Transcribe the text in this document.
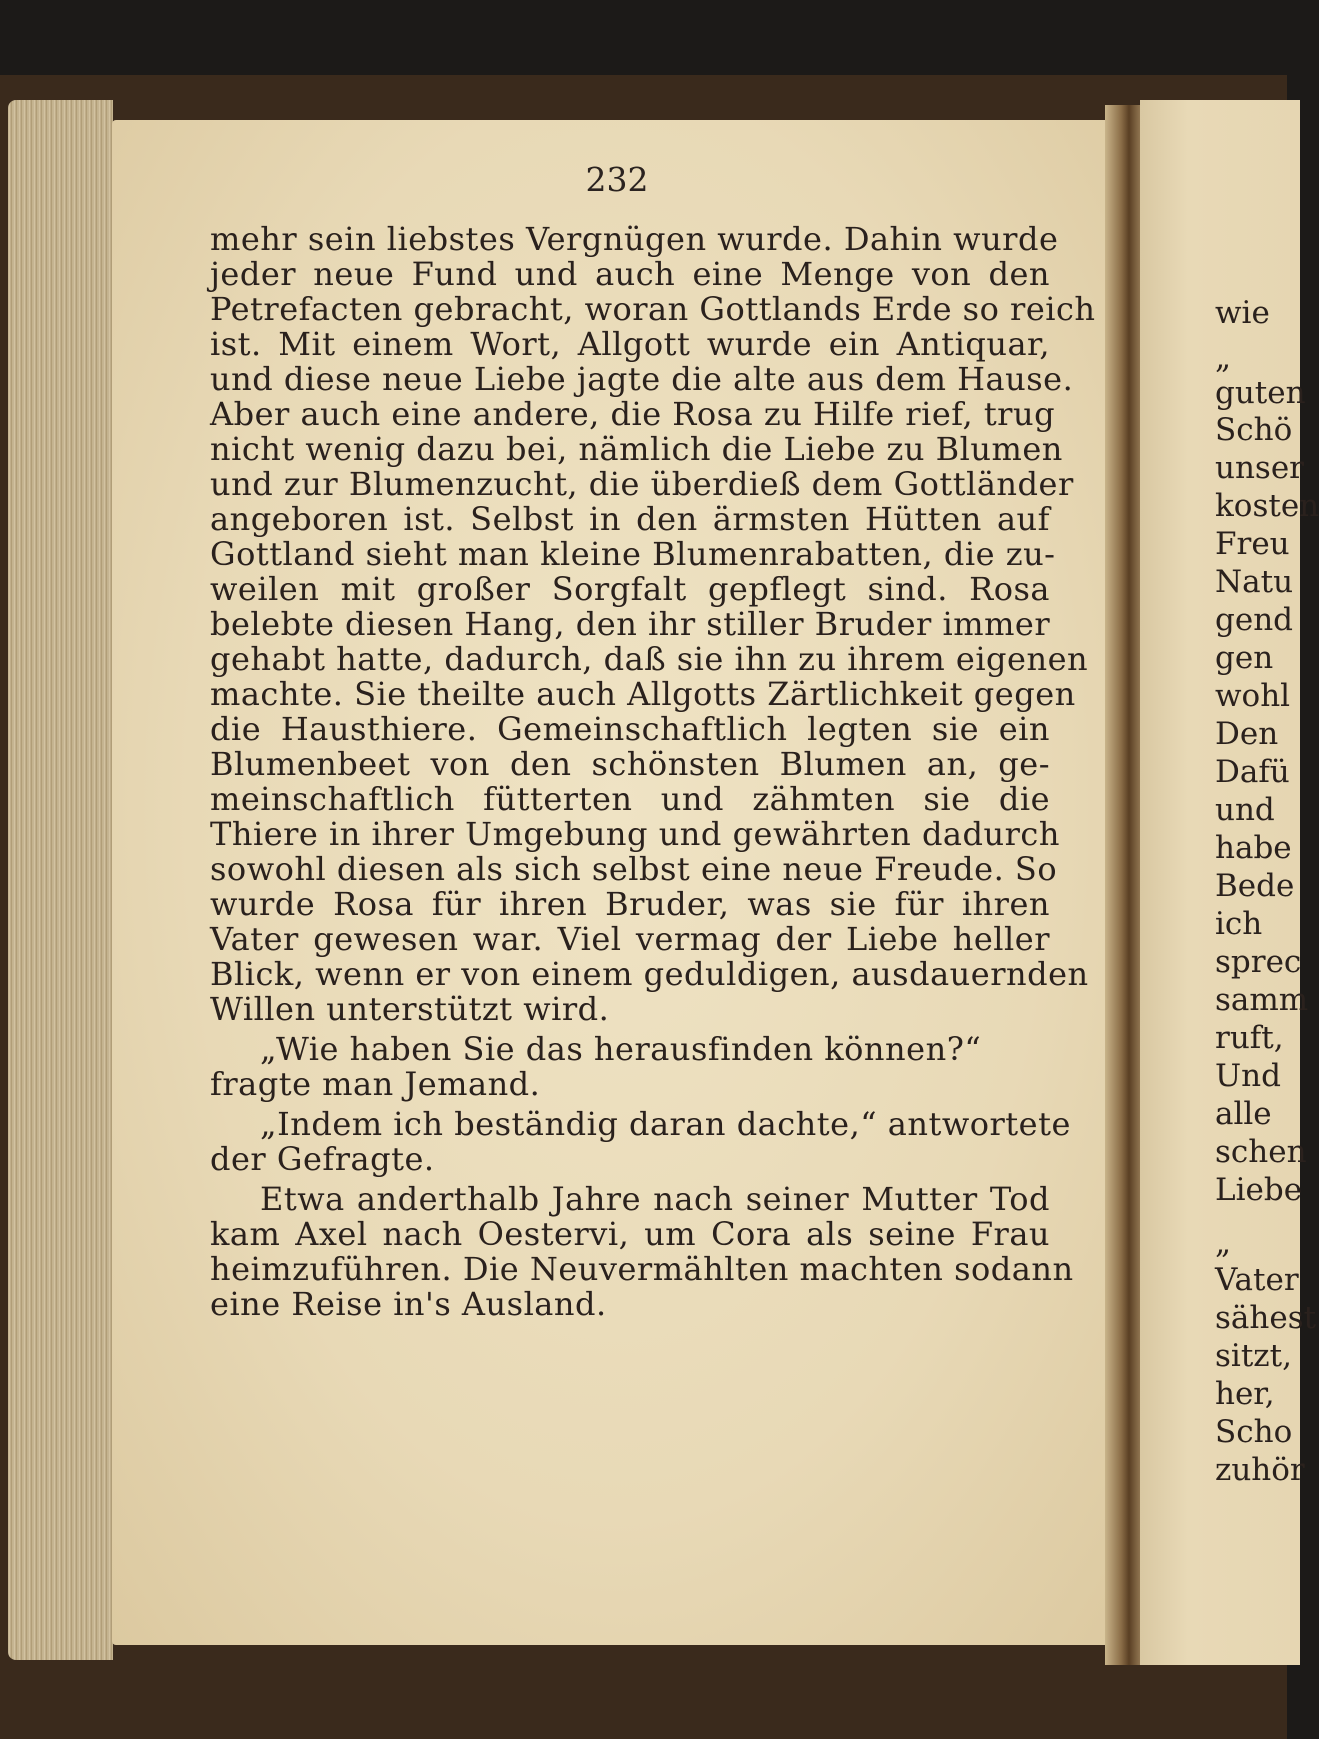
232
mehr sein liebstes Vergnügen wurde. Dahin wurde
jeder neue Fund und auch eine Menge von den
Petrefacten gebracht, woran Gottlands Erde so reich
ist. Mit einem Wort, Allgott wurde ein Antiquar,
und diese neue Liebe jagte die alte aus dem Hause.
Aber auch eine andere, die Rosa zu Hilfe rief, trug
nicht wenig dazu bei, nämlich die Liebe zu Blumen
und zur Blumenzucht, die überdieß dem Gottländer
angeboren ist. Selbst in den ärmsten Hütten auf
Gottland sieht man kleine Blumenrabatten, die zu-
weilen mit großer Sorgfalt gepflegt sind. Rosa
belebte diesen Hang, den ihr stiller Bruder immer
gehabt hatte, dadurch, daß sie ihn zu ihrem eigenen
machte. Sie theilte auch Allgotts Zärtlichkeit gegen
die Hausthiere. Gemeinschaftlich legten sie ein
Blumenbeet von den schönsten Blumen an, ge-
meinschaftlich fütterten und zähmten sie die
Thiere in ihrer Umgebung und gewährten dadurch
sowohl diesen als sich selbst eine neue Freude. So
wurde Rosa für ihren Bruder, was sie für ihren
Vater gewesen war. Viel vermag der Liebe heller
Blick, wenn er von einem geduldigen, ausdauernden
Willen unterstützt wird.
„Wie haben Sie das herausfinden können?“
fragte man Jemand.
„Indem ich beständig daran dachte,“ antwortete
der Gefragte.
Etwa anderthalb Jahre nach seiner Mutter Tod
kam Axel nach Oestervi, um Cora als seine Frau
heimzuführen. Die Neuvermählten machten sodann
eine Reise in's Ausland.
wie
„
guten
Schö
unser
kosten
Freu
Natu
gend
gen
wohl
Den
Dafü
und
habe
Bede
ich
sprec
samm
ruft,
Und
alle
schen
Liebe
„
Vater
sähest
sitzt,
her,
Scho
zuhör
